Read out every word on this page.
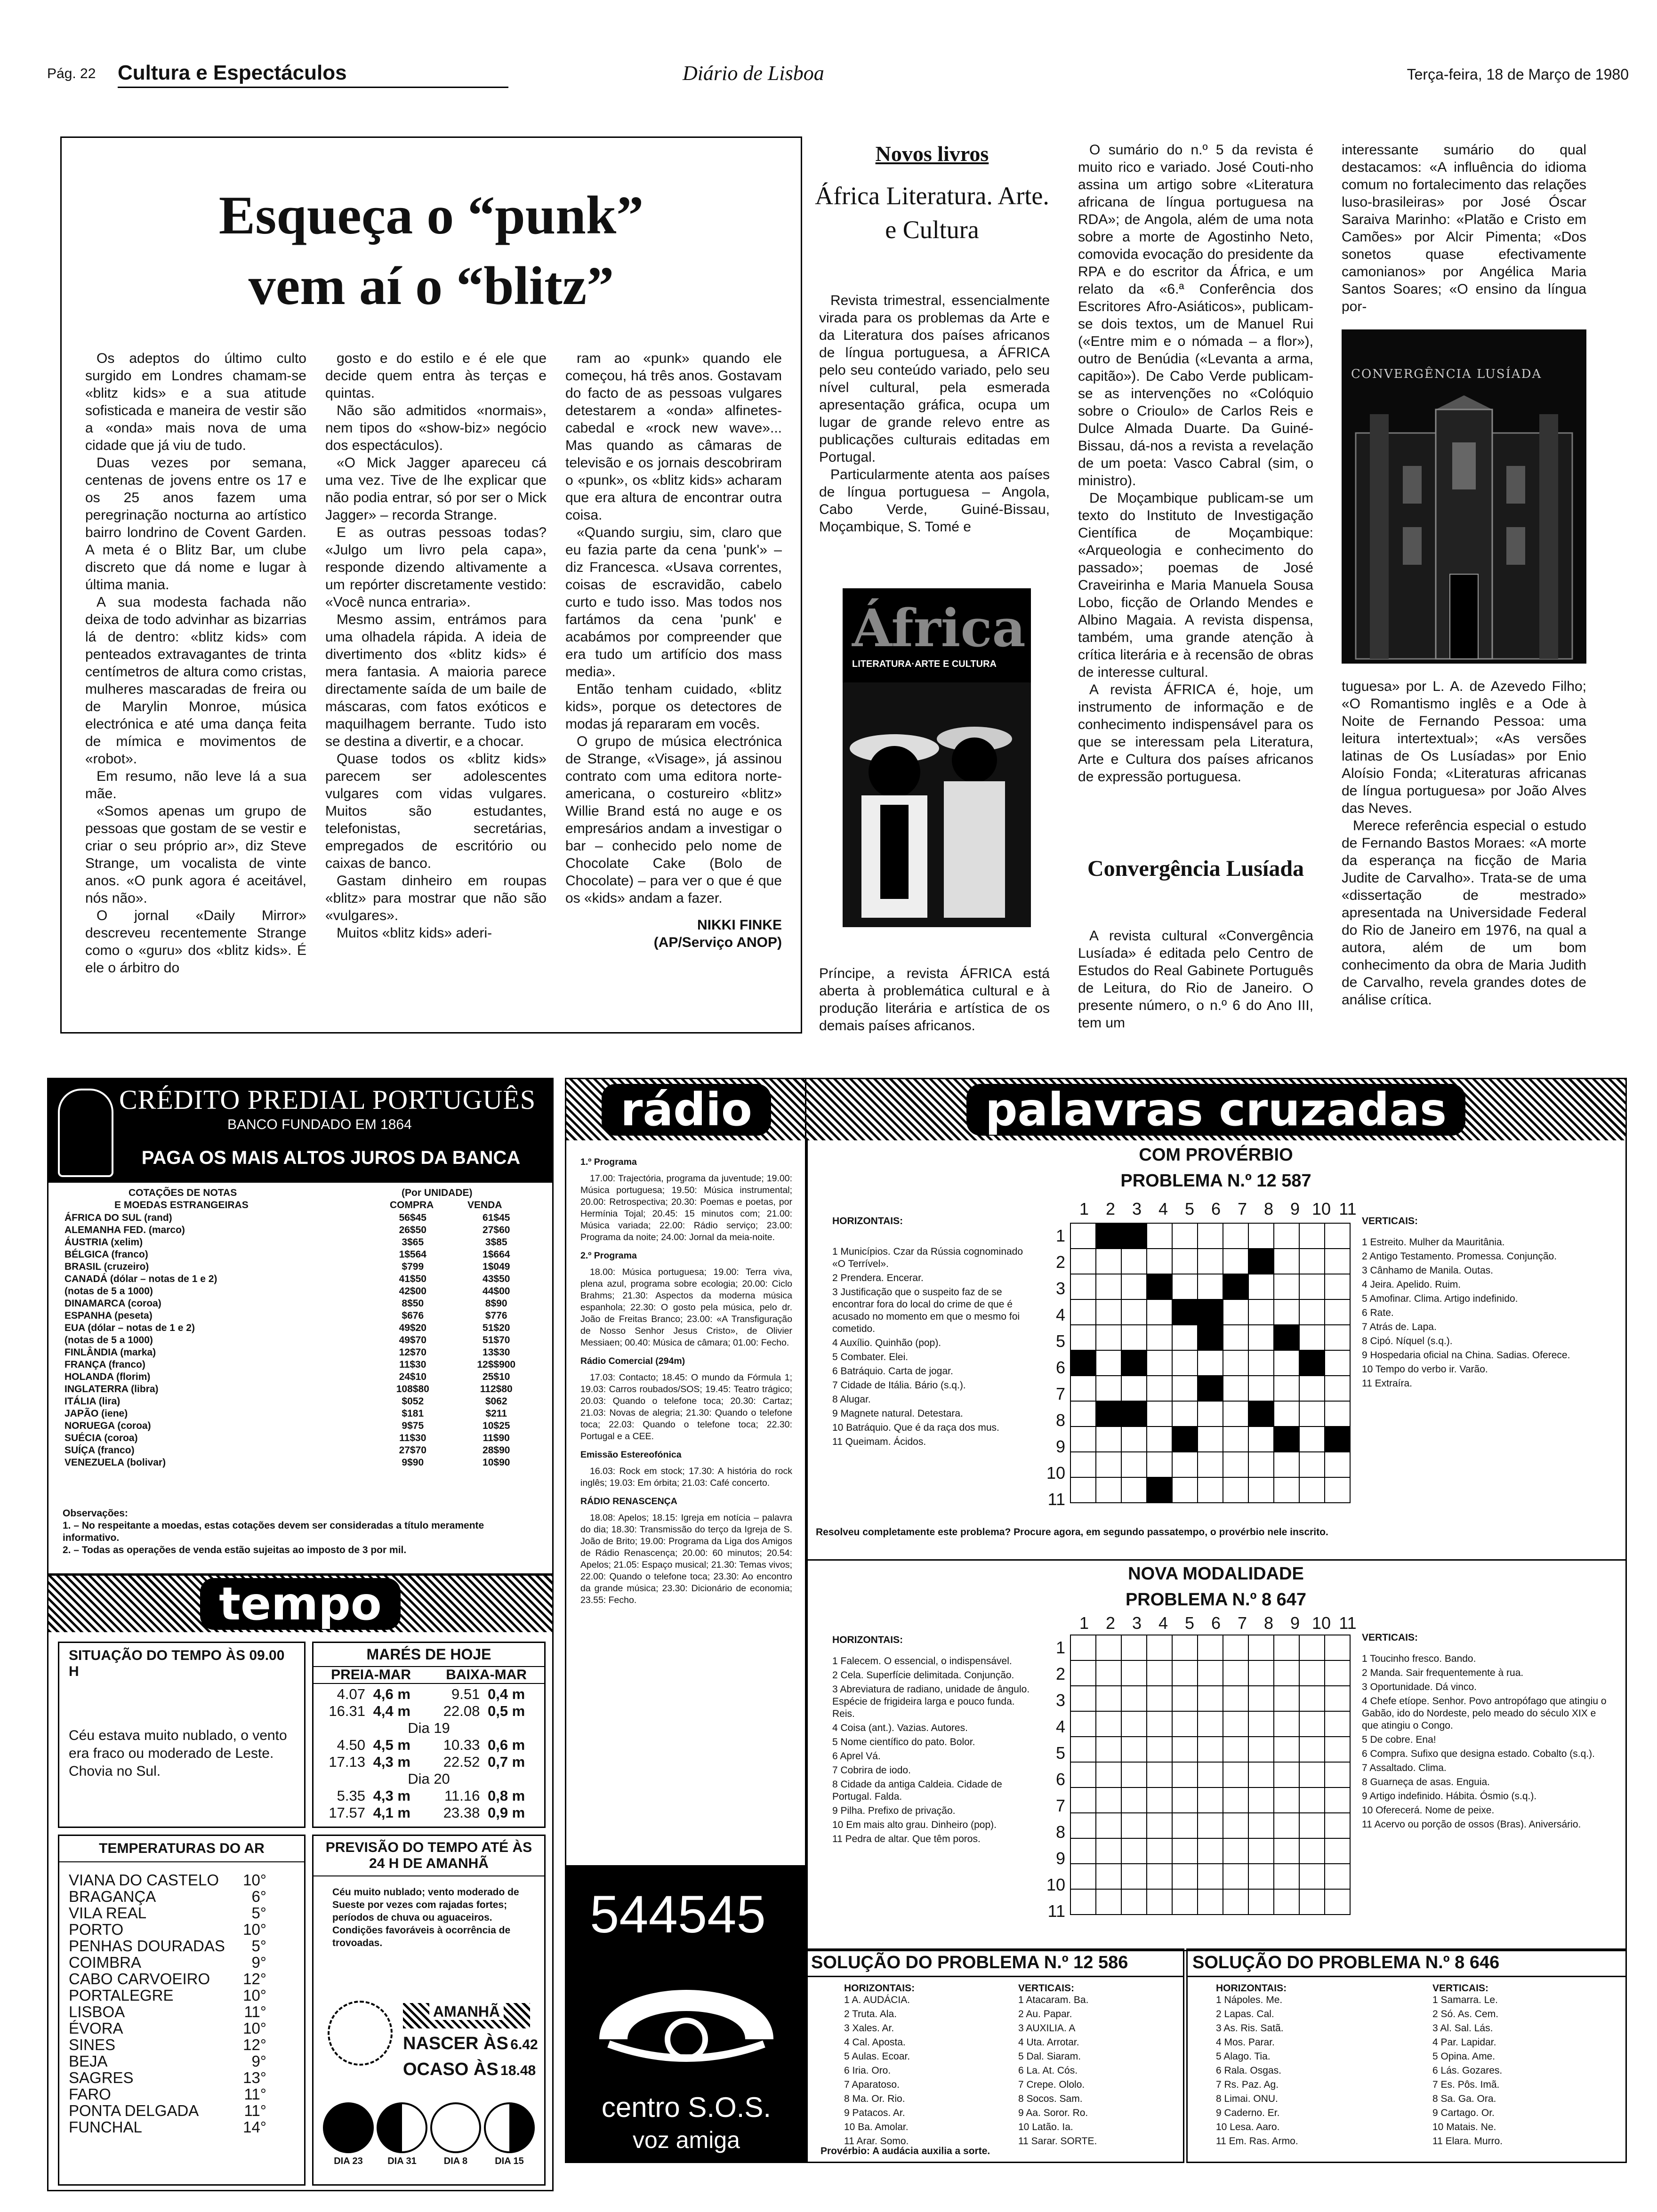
Pág. 22 Cultura e Espectáculos	Diário de Lisboa	Terça-feira, 18 de Março de 1980
Esqueça o “punk”
vem aí o “blitz”

Os adeptos do último culto surgido em Londres chamam-se «blitz kids» e a sua atitude sofisticada e maneira de vestir são a «onda» mais nova de uma cidade que já viu de tudo.

Duas vezes por semana, centenas de jovens entre os 17 e os 25 anos fazem uma peregrinação nocturna ao artístico bairro londrino de Covent Garden. A meta é o Blitz Bar, um clube discreto que dá nome e lugar à última mania.

A sua modesta fachada não deixa de todo advinhar as bizarrias lá de dentro: «blitz kids» com penteados extravagantes de trinta centímetros de altura como cristas, mulheres mascaradas de freira ou de Marylin Monroe, música electrónica e até uma dança feita de mímica e movimentos de «robot».

Em resumo, não leve lá a sua mãe.

«Somos apenas um grupo de pessoas que gostam de se vestir e criar o seu próprio ar», diz Steve Strange, um vocalista de vinte anos. «O punk agora é aceitável, nós não».

O jornal «Daily Mirror» descreveu recentemente Strange como o «guru» dos «blitz kids». É ele o árbitro do

gosto e do estilo e é ele que decide quem entra às terças e quintas.

Não são admitidos «normais», nem tipos do «show-biz» negócio dos espectáculos).

«O Mick Jagger apareceu cá uma vez. Tive de lhe explicar que não podia entrar, só por ser o Mick Jagger» – recorda Strange.

E as outras pessoas todas? «Julgo um livro pela capa», responde dizendo altivamente a um repórter discretamente vestido: «Você nunca entraria».

Mesmo assim, entrámos para uma olhadela rápida. A ideia de divertimento dos «blitz kids» é mera fantasia. A maioria parece directamente saída de um baile de máscaras, com fatos exóticos e maquilhagem berrante. Tudo isto se destina a divertir, e a chocar.

Quase todos os «blitz kids» parecem ser adolescentes vulgares com vidas vulgares. Muitos são estudantes, telefonistas, secretárias, empregados de escritório ou caixas de banco.

Gastam dinheiro em roupas «blitz» para mostrar que não são «vulgares».

Muitos «blitz kids» aderi-

ram ao «punk» quando ele começou, há três anos. Gostavam do facto de as pessoas vulgares detestarem a «onda» alfinetes-cabedal e «rock new wave»... Mas quando as câmaras de televisão e os jornais descobriram o «punk», os «blitz kids» acharam que era altura de encontrar outra coisa.

«Quando surgiu, sim, claro que eu fazia parte da cena 'punk'» – diz Francesca. «Usava correntes, coisas de escravidão, cabelo curto e tudo isso. Mas todos nos fartámos da cena 'punk' e acabámos por compreender que era tudo um artifício dos mass media».

Então tenham cuidado, «blitz kids», porque os detectores de modas já repararam em vocês.

O grupo de música electrónica de Strange, «Visage», já assinou contrato com uma editora norte-americana, o costureiro «blitz» Willie Brand está no auge e os empresários andam a investigar o bar – conhecido pelo nome de Chocolate Cake (Bolo de Chocolate) – para ver o que é que os «kids» andam a fazer.

NIKKI FINKE
(AP/Serviço ANOP)
Novos livros
África Literatura. Arte. e Cultura

Revista trimestral, essencialmente virada para os problemas da Arte e da Literatura dos países africanos de língua portuguesa, a ÁFRICA pelo seu conteúdo variado, pelo seu nível cultural, pela esmerada apresentação gráfica, ocupa um lugar de grande relevo entre as publicações culturais editadas em Portugal.

Particularmente atenta aos países de língua portuguesa – Angola, Cabo Verde, Guiné-Bissau, Moçambique, S. Tomé e

África
LITERATURA·ARTE E CULTURA
Príncipe, a revista ÁFRICA está aberta à problemática cultural e à produção literária e artística de os demais países africanos.

O sumário do n.º 5 da revista é muito rico e variado. José Couti-nho assina um artigo sobre «Literatura africana de língua portuguesa na RDA»; de Angola, além de uma nota sobre a morte de Agostinho Neto, comovida evocação do presidente da RPA e do escritor da África, e um relato da «6.ª Conferência dos Escritores Afro-Asiáticos», publicam-se dois textos, um de Manuel Rui («Entre mim e o nómada – a flor»), outro de Benúdia («Levanta a arma, capitão»). De Cabo Verde publicam-se as intervenções no «Colóquio sobre o Crioulo» de Carlos Reis e Dulce Almada Duarte. Da Guiné-Bissau, dá-nos a revista a revelação de um poeta: Vasco Cabral (sim, o ministro).

De Moçambique publicam-se um texto do Instituto de Investigação Científica de Moçambique: «Arqueologia e conhecimento do passado»; poemas de José Craveirinha e Maria Manuela Sousa Lobo, ficção de Orlando Mendes e Albino Magaia. A revista dispensa, também, uma grande atenção à crítica literária e à recensão de obras de interesse cultural.

A revista ÁFRICA é, hoje, um instrumento de informação e de conhecimento indispensável para os que se interessam pela Literatura, Arte e Cultura dos países africanos de expressão portuguesa.

Convergência Lusíada
A revista cultural «Convergência Lusíada» é editada pelo Centro de Estudos do Real Gabinete Português de Leitura, do Rio de Janeiro. O presente número, o n.º 6 do Ano III, tem um
interessante sumário do qual destacamos: «A influência do idioma comum no fortalecimento das relações luso-brasileiras» por José Óscar Saraiva Marinho: «Platão e Cristo em Camões» por Alcir Pimenta; «Dos sonetos quase efectivamente camonianos» por Angélica Maria Santos Soares; «O ensino da língua por-
CONVERGÊNCIA LUSÍADA

tuguesa» por L. A. de Azevedo Filho; «O Romantismo inglês e a Ode à Noite de Fernando Pessoa: uma leitura intertextual»; «As versões latinas de Os Lusíadas» por Enio Aloísio Fonda; «Literaturas africanas de língua portuguesa» por João Alves das Neves.

Merece referência especial o estudo de Fernando Bastos Moraes: «A morte da esperança na ficção de Maria Judite de Carvalho». Trata-se de uma «dissertação de mestrado» apresentada na Universidade Federal do Rio de Janeiro em 1976, na qual a autora, além de um bom conhecimento da obra de Maria Judith de Carvalho, revela grandes dotes de análise crítica.

CRÉDITO PREDIAL PORTUGUÊS
BANCO FUNDADO EM 1864
PAGA OS MAIS ALTOS JUROS DA BANCA
COTAÇÕES DE NOTAS	(Por UNIDADE)
E MOEDAS ESTRANGEIRAS	COMPRA	VENDA
ÁFRICA DO SUL (rand)	56$45	61$45
ALEMANHA FED. (marco)	26$50	27$60
ÁUSTRIA (xelim)	3$65	3$85
BÉLGICA (franco)	1$564	1$664
BRASIL (cruzeiro)	$799	1$049
CANADÁ (dólar – notas de 1 e 2)	41$50	43$50
(notas de 5 a 1000)	42$00	44$00
DINAMARCA (coroa)	8$50	8$90
ESPANHA (peseta)	$676	$776
EUA (dólar – notas de 1 e 2)	49$20	51$20
(notas de 5 a 1000)	49$70	51$70
FINLÂNDIA (marka)	12$70	13$30
FRANÇA (franco)	11$30	12$$900
HOLANDA (florim)	24$10	25$10
INGLATERRA (libra)	108$80	112$80
ITÁLIA (lira)	$052	$062
JAPÃO (iene)	$181	$211
NORUEGA (coroa)	9$75	10$25
SUÉCIA (coroa)	11$30	11$90
SUÍÇA (franco)	27$70	28$90
VENEZUELA (bolivar)	9$90	10$90
Observações:
1. – No respeitante a moedas, estas cotações devem ser consideradas a título meramente informativo.
2. – Todas as operações de venda estão sujeitas ao imposto de 3 por mil.
tempo
SITUAÇÃO DO TEMPO ÀS 09.00 H
Céu estava muito nublado, o vento era fraco ou moderado de Leste. Chovia no Sul.
MARÉS DE HOJE
PREIA-MAR BAIXA-MAR
4.07 4,6 m	9.51 0,4 m
16.31 4,4 m	22.08 0,5 m
Dia 19
4.50 4,5 m	10.33 0,6 m
17.13 4,3 m	22.52 0,7 m
Dia 20
5.35 4,3 m	11.16 0,8 m
17.57 4,1 m	23.38 0,9 m
TEMPERATURAS DO AR
VIANA DO CASTELO 10°
BRAGANÇA	6°
VILA REAL	5°
PORTO	10°
PENHAS DOURADAS 5°
COIMBRA	9°
CABO CARVOEIRO 12°
PORTALEGRE	10°
LISBOA	11°
ÉVORA	10°
SINES	12°
BEJA	9°
SAGRES	13°
FARO	11°
PONTA DELGADA	11°
FUNCHAL	14°
PREVISÃO DO TEMPO ATÉ ÀS 24 H DE AMANHÃ
Céu muito nublado; vento moderado de Sueste por vezes com rajadas fortes; períodos de chuva ou aguaceiros. Condições favoráveis à ocorrência de trovoadas.
AMANHÃ
NASCER ÀS 6.42
OCASO ÀS 18.48
DIA 23	DIA 31	DIA 8	DIA 15
rádio
1.º Programa
17.00: Trajectória, programa da juventude; 19.00: Música portuguesa; 19.50: Música instrumental; 20.00: Retrospectiva; 20.30: Poemas e poetas, por Hermínia Tojal; 20.45: 15 minutos com; 21.00: Música variada; 22.00: Rádio serviço; 23.00: Programa da noite; 24.00: Jornal da meia-noite.
2.º Programa
18.00: Música portuguesa; 19.00: Terra viva, plena azul, programa sobre ecologia; 20.00: Ciclo Brahms; 21.30: Aspectos da moderna música espanhola; 22.30: O gosto pela música, pelo dr. João de Freitas Branco; 23.00: «A Transfiguração de Nosso Senhor Jesus Cristo», de Olivier Messiaen; 00.40: Música de câmara; 01.00: Fecho.
Rádio Comercial (294m)
17.03: Contacto; 18.45: O mundo da Fórmula 1; 19.03: Carros roubados/SOS; 19.45: Teatro trágico; 20.03: Quando o telefone toca; 20.30: Cartaz; 21.03: Novas de alegria; 21.30: Quando o telefone toca; 22.03: Quando o telefone toca; 22.30: Portugal e a CEE.
Emissão Estereofónica
16.03: Rock em stock; 17.30: A história do rock inglês; 19.03: Em órbita; 21.03: Café concerto.
RÁDIO RENASCENÇA
18.08: Apelos; 18.15: Igreja em notícia – palavra do dia; 18.30: Transmissão do terço da Igreja de S. João de Brito; 19.00: Programa da Liga dos Amigos de Rádio Renascença; 20.00: 60 minutos; 20.54: Apelos; 21.05: Espaço musical; 21.30: Temas vivos; 22.00: Quando o telefone toca; 23.30: Ao encontro da grande música; 23.30: Dicionário de economia; 23.55: Fecho.
544545
centro S.O.S.
voz amiga
palavras cruzadas
COM PROVÉRBIO
PROBLEMA N.º 12 587
1 2 3 4 5 6 7 8 9 10 11
1
2
3
4
5
6
7
8
9
10
11

HORIZONTAIS:
1 Municípios. Czar da Rússia cognominado «O Terrível».
2 Prendera. Encerar.
3 Justificação que o suspeito faz de se encontrar fora do local do crime de que é acusado no momento em que o mesmo foi cometido.
4 Auxílio. Quinhão (pop).
5 Combater. Elei.
6 Batráquio. Carta de jogar.
7 Cidade de Itália. Bário (s.q.).
8 Alugar.
9 Magnete natural. Detestara.
10 Batráquio. Que é da raça dos mus.
11 Queimam. Ácidos.
VERTICAIS:
1 Estreito. Mulher da Mauritânia.
2 Antigo Testamento. Promessa. Conjunção.
3 Cânhamo de Manila. Outas.
4 Jeira. Apelido. Ruim.
5 Amofinar. Clima. Artigo indefinido.
6 Rate.
7 Atrás de. Lapa.
8 Cipó. Níquel (s.q.).
9 Hospedaria oficial na China. Sadias. Oferece.
10 Tempo do verbo ir. Varão.
11 Extraíra.
Resolveu completamente este problema? Procure agora, em segundo passatempo, o provérbio nele inscrito.
NOVA MODALIDADE
PROBLEMA N.º 8 647
1 2 3 4 5 6 7 8 9 10 11
1
2
3
4
5
6
7
8
9
10
11

HORIZONTAIS:
1 Falecem. O essencial, o indispensável.
2 Cela. Superfície delimitada. Conjunção.
3 Abreviatura de radiano, unidade de ângulo. Espécie de frigideira larga e pouco funda. Reis.
4 Coisa (ant.). Vazias. Autores.
5 Nome científico do pato. Bolor.
6 Aprel Vá.
7 Cobrira de iodo.
8 Cidade da antiga Caldeia. Cidade de Portugal. Falda.
9 Pilha. Prefixo de privação.
10 Em mais alto grau. Dinheiro (pop).
11 Pedra de altar. Que têm poros.
VERTICAIS:
1 Toucinho fresco. Bando.
2 Manda. Sair frequentemente à rua.
3 Oportunidade. Dá vinco.
4 Chefe etíope. Senhor. Povo antropófago que atingiu o Gabão, ido do Nordeste, pelo meado do século XIX e que atingiu o Congo.
5 De cobre. Ena!
6 Compra. Sufixo que designa estado. Cobalto (s.q.).
7 Assaltado. Clima.
8 Guarneça de asas. Enguia.
9 Artigo indefinido. Hábita. Ósmio (s.q.).
10 Oferecerá. Nome de peixe.
11 Acervo ou porção de ossos (Bras). Aniversário.
SOLUÇÃO DO PROBLEMA N.º 12 586
HORIZONTAIS:
1 A. AUDÁCIA.
2 Truta. Ala.
3 Xales. Ar.
4 Cal. Aposta.
5 Aulas. Ecoar.
6 Iria. Oro.
7 Aparatoso.
8 Ma. Or. Rio.
9 Patacos. Ar.
10 Ba. Amolar.
11 Arar. Somo.
VERTICAIS:
1 Atacaram. Ba.
2 Au. Papar.
3 AUXILIA. A
4 Uta. Arrotar.
5 Dal. Siaram.
6 La. At. Cós.
7 Crepe. Ololo.
8 Socos. Sam.
9 Aa. Soror. Ro.
10 Latão. Ia.
11 Sarar. SORTE.
Provérbio: A audácia auxilia a sorte.
SOLUÇÃO DO PROBLEMA N.º 8 646
HORIZONTAIS:
1 Nápoles. Me.
2 Lapas. Cal.
3 As. Ris. Satã.
4 Mos. Parar.
5 Alago. Tia.
6 Rala. Osgas.
7 Rs. Paz. Ag.
8 Limai. ONU.
9 Caderno. Er.
10 Lesa. Aaro.
11 Em. Ras. Armo.
VERTICAIS:
1 Samarra. Le.
2 Só. As. Cem.
3 Al. Sal. Lás.
4 Par. Lapidar.
5 Opina. Ame.
6 Lás. Gozares.
7 Es. Pôs. Imã.
8 Sa. Ga. Ora.
9 Cartago. Or.
10 Matais. Ne.
11 Elara. Murro.
